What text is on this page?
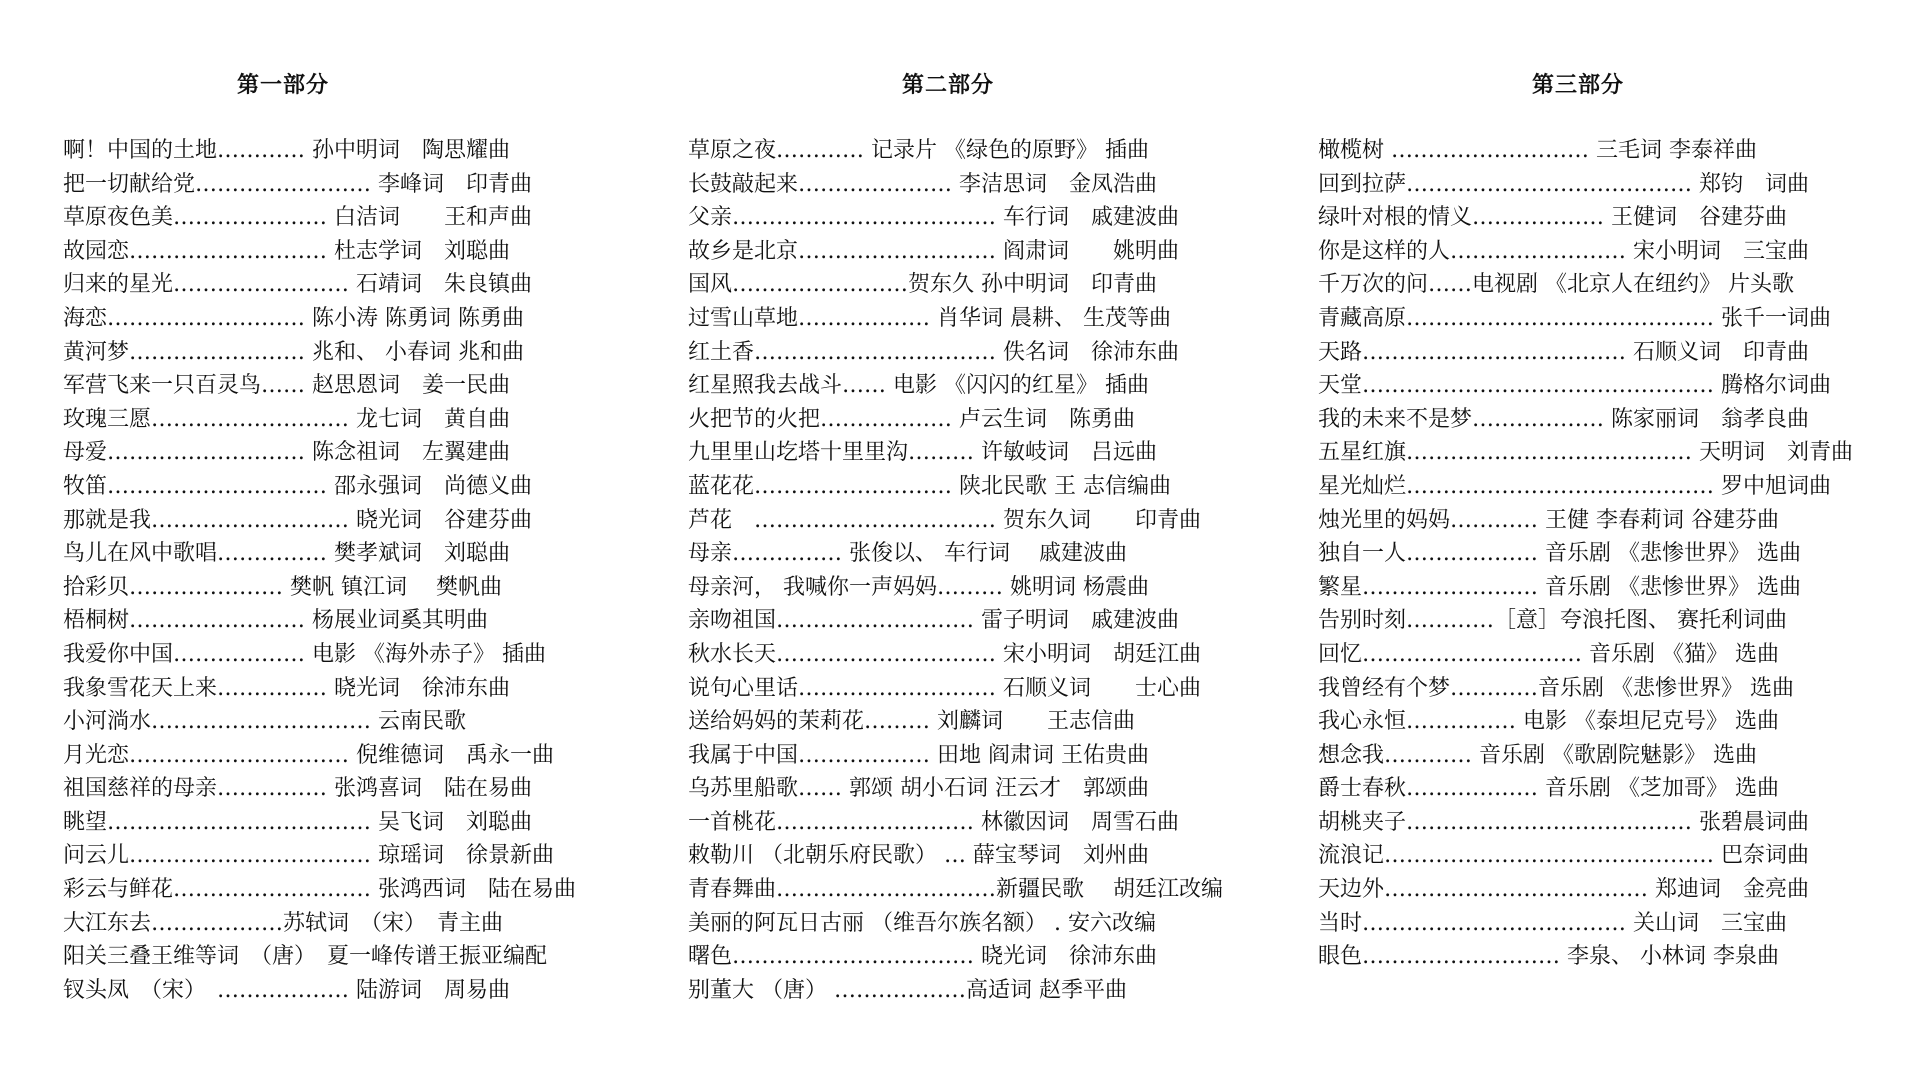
第一部分
啊！中国的土地………… 孙中明词　陶思耀曲
把一切献给党…………………… 李峰词　印青曲
草原夜色美………………… 白洁词　　王和声曲
故园恋……………………… 杜志学词　刘聪曲
归来的星光…………………… 石靖词　朱良镇曲
海恋……………………… 陈小涛 陈勇词 陈勇曲
黄河梦…………………… 兆和、 小春词 兆和曲
军营飞来一只百灵鸟…… 赵思恩词　姜一民曲
玫瑰三愿……………………… 龙七词　黄自曲
母爱……………………… 陈念祖词　左翼建曲
牧笛………………………… 邵永强词　尚德义曲
那就是我……………………… 晓光词　谷建芬曲
鸟儿在风中歌唱…………… 樊孝斌词　刘聪曲
拾彩贝………………… 樊帆 镇江词　 樊帆曲
梧桐树…………………… 杨展业词奚其明曲
我爱你中国……………… 电影 《海外赤子》 插曲
我象雪花天上来…………… 晓光词　徐沛东曲
小河淌水………………………… 云南民歌
月光恋………………………… 倪维德词　禹永一曲
祖国慈祥的母亲…………… 张鸿喜词　陆在易曲
眺望……………………………… 吴飞词　刘聪曲
问云儿…………………………… 琼瑶词　徐景新曲
彩云与鲜花……………………… 张鸿西词　陆在易曲
大江东去………………苏轼词　（宋）　青主曲
阳关三叠王维等词　（唐）　夏一峰传谱王振亚编配
钗头凤　（宋）　……………… 陆游词　周易曲
第二部分
草原之夜………… 记录片 《绿色的原野》 插曲
长鼓敲起来………………… 李洁思词　金凤浩曲
父亲……………………………… 车行词　戚建波曲
故乡是北京……………………… 阎肃词　　姚明曲
国风……………………贺东久 孙中明词　印青曲
过雪山草地……………… 肖华词 晨耕、 生茂等曲
红土香…………………………… 佚名词　徐沛东曲
红星照我去战斗…… 电影 《闪闪的红星》 插曲
火把节的火把……………… 卢云生词　陈勇曲
九里里山圪塔十里里沟……… 许敏岐词　吕远曲
蓝花花……………………… 陕北民歌 王 志信编曲
芦花　…………………………… 贺东久词　　印青曲
母亲…………… 张俊以、 车行词　 戚建波曲
母亲河， 我喊你一声妈妈……… 姚明词 杨震曲
亲吻祖国……………………… 雷子明词　戚建波曲
秋水长天………………………… 宋小明词　胡廷江曲
说句心里话……………………… 石顺义词　　士心曲
送给妈妈的茉莉花……… 刘麟词　　王志信曲
我属于中国……………… 田地 阎肃词 王佑贵曲
乌苏里船歌…… 郭颂 胡小石词 汪云才　郭颂曲
一首桃花……………………… 林徽因词　周雪石曲
敕勒川 （北朝乐府民歌） … 薛宝琴词　刘州曲
青春舞曲…………………………新疆民歌　 胡廷江改编
美丽的阿瓦日古丽 （维吾尔族名额） . 安六改编
曙色…………………………… 晓光词　徐沛东曲
别董大 （唐） ………………高适词 赵季平曲
第三部分
橄榄树 ……………………… 三毛词 李泰祥曲
回到拉萨………………………………… 郑钧　词曲
绿叶对根的情义……………… 王健词　谷建芬曲
你是这样的人…………………… 宋小明词　三宝曲
千万次的问……电视剧 《北京人在纽约》 片头歌
青藏高原…………………………………… 张千一词曲
天路……………………………… 石顺义词　印青曲
天堂………………………………………… 腾格尔词曲
我的未来不是梦……………… 陈家丽词　翁孝良曲
五星红旗………………………………… 天明词　刘青曲
星光灿烂…………………………………… 罗中旭词曲
烛光里的妈妈………… 王健 李春莉词 谷建芬曲
独自一人……………… 音乐剧 《悲惨世界》 选曲
繁星…………………… 音乐剧 《悲惨世界》 选曲
告别时刻…………［意］夸浪托图、 赛托利词曲
回忆………………………… 音乐剧 《猫》 选曲
我曾经有个梦…………音乐剧 《悲惨世界》 选曲
我心永恒…………… 电影 《泰坦尼克号》 选曲
想念我………… 音乐剧 《歌剧院魅影》 选曲
爵士春秋……………… 音乐剧 《芝加哥》 选曲
胡桃夹子………………………………… 张碧晨词曲
流浪记……………………………………… 巴奈词曲
天边外……………………………… 郑迪词　金亮曲
当时……………………………… 关山词　三宝曲
眼色……………………… 李泉、 小林词 李泉曲
